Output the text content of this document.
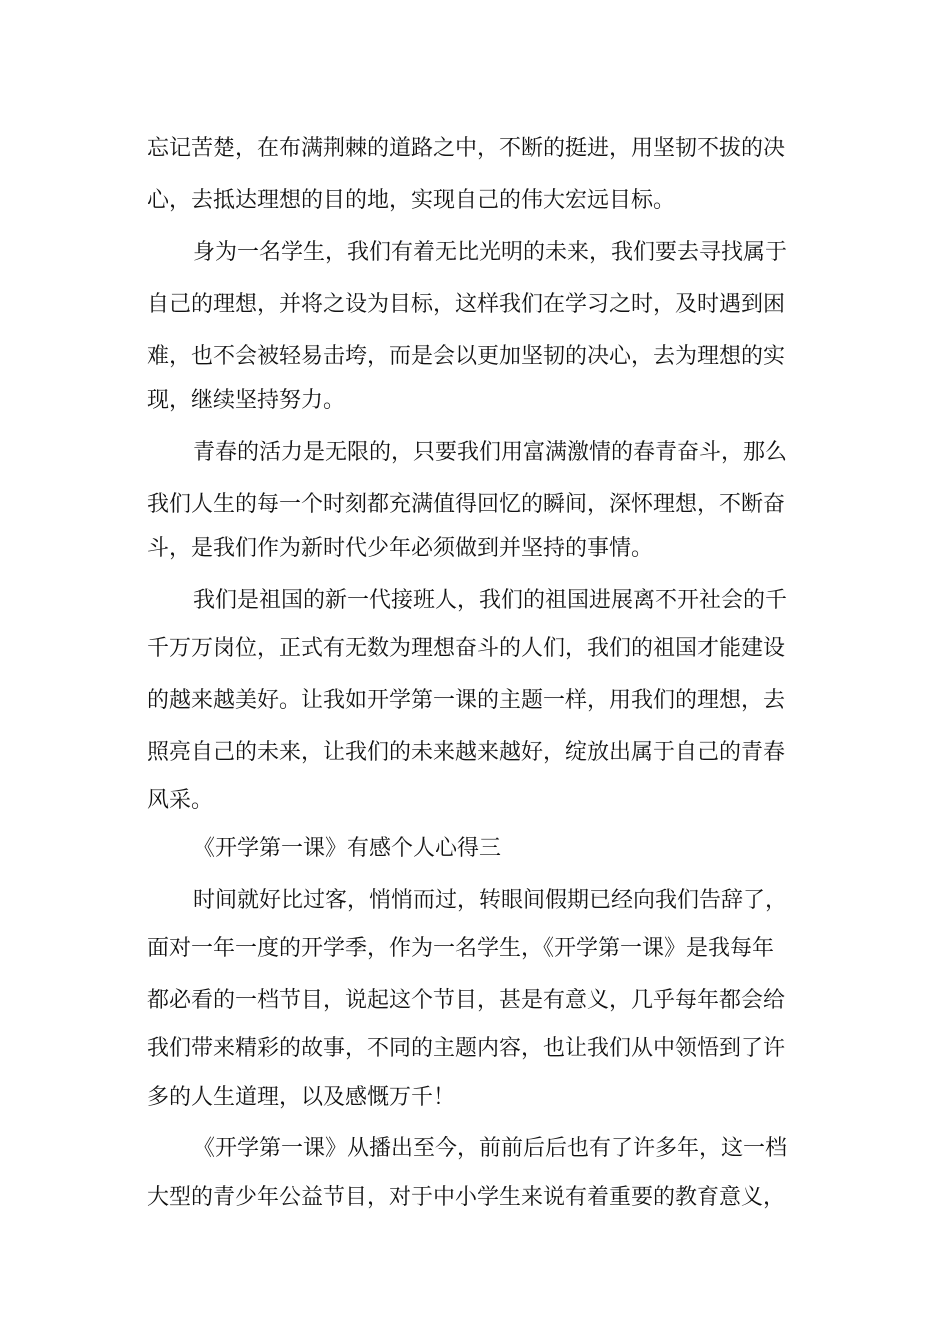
忘记苦楚，在布满荆棘的道路之中，不断的挺进，用坚韧不拔的决
心，去抵达理想的目的地，实现自己的伟大宏远目标。
身为一名学生，我们有着无比光明的未来，我们要去寻找属于
自己的理想，并将之设为目标，这样我们在学习之时，及时遇到困
难，也不会被轻易击垮，而是会以更加坚韧的决心，去为理想的实
现，继续坚持努力。
青春的活力是无限的，只要我们用富满激情的春青奋斗，那么
我们人生的每一个时刻都充满值得回忆的瞬间，深怀理想，不断奋
斗，是我们作为新时代少年必须做到并坚持的事情。
我们是祖国的新一代接班人，我们的祖国进展离不开社会的千
千万万岗位，正式有无数为理想奋斗的人们，我们的祖国才能建设
的越来越美好。让我如开学第一课的主题一样，用我们的理想，去
照亮自己的未来，让我们的未来越来越好，绽放出属于自己的青春
风采。
《开学第一课》有感个人心得三
时间就好比过客，悄悄而过，转眼间假期已经向我们告辞了，
面对一年一度的开学季，作为一名学生，《开学第一课》是我每年
都必看的一档节目，说起这个节目，甚是有意义，几乎每年都会给
我们带来精彩的故事，不同的主题内容，也让我们从中领悟到了许
多的人生道理，以及感慨万千！
《开学第一课》从播出至今，前前后后也有了许多年，这一档
大型的青少年公益节目，对于中小学生来说有着重要的教育意义，
